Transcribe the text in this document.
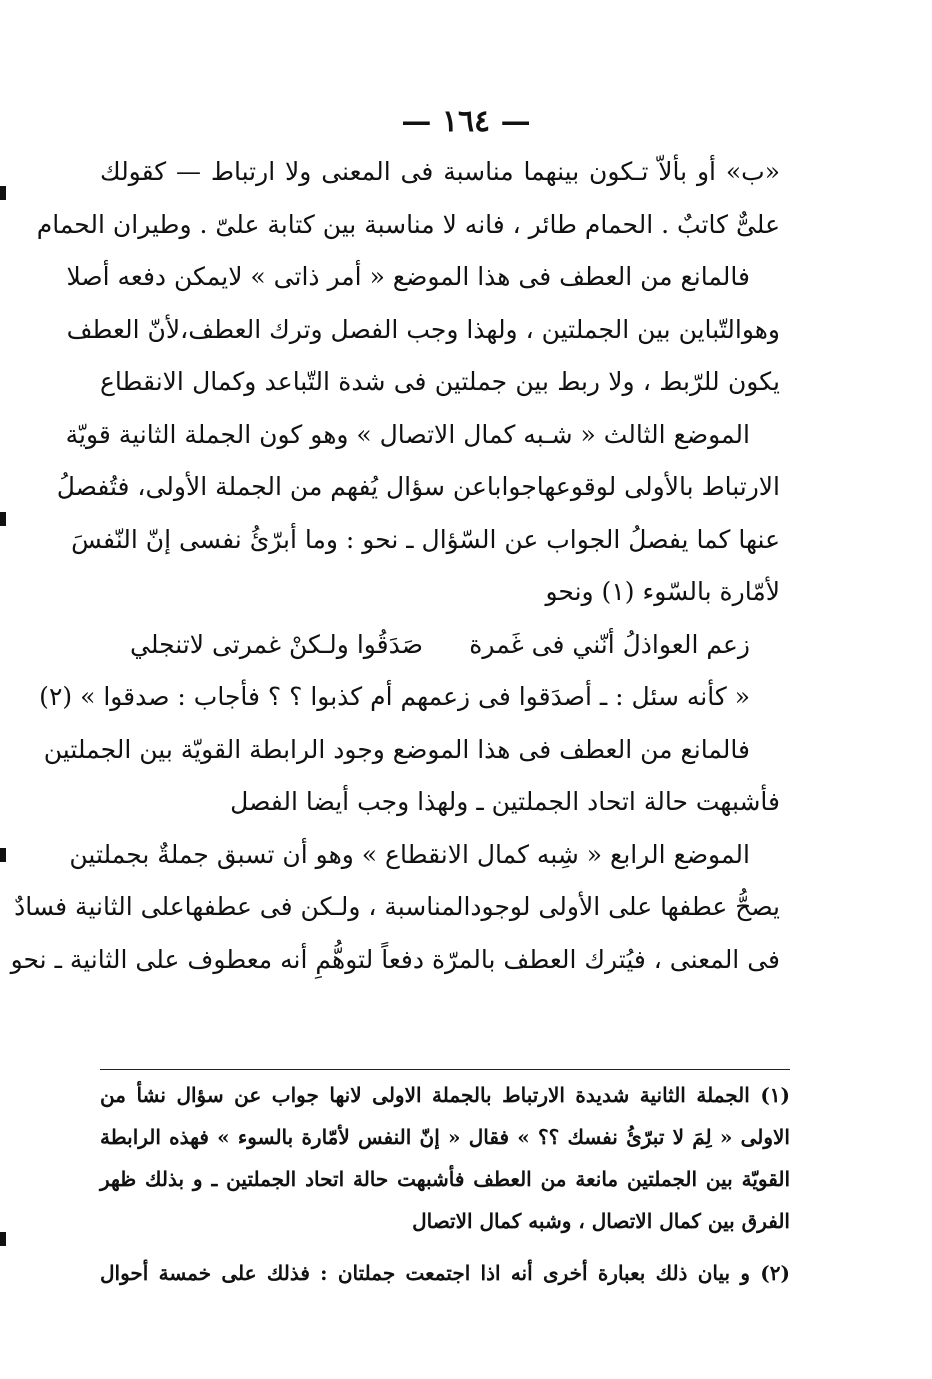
— ١٦٤ —
«ب» أو بألاّ تـكون بينهما مناسبة فى المعنى ولا ارتباط — كقولك
علىٌّ كاتبٌ . الحمام طائر ، فانه لا مناسبة بين كتابة علىّ . وطيران الحمام
فالمانع من العطف فى هذا الموضع « أمر ذاتى » لايمكن دفعه أصلا
وهوالتّباين بين الجملتين ، ولهذا وجب الفصل وترك العطف،لأنّ العطف
يكون للرّبط ، ولا ربط بين جملتين فى شدة التّباعد وكمال الانقطاع
الموضع الثالث « شـبه كمال الاتصال » وهو كون الجملة الثانية قويّة
الارتباط بالأولى لوقوعهاجواباعن سؤال يُفهم من الجملة الأولى، فتُفصلُ
عنها كما يفصلُ الجواب عن السّؤال ـ نحو : وما أبرّئُ نفسى إنّ النّفسَ
لأمّارة بالسّوء (١) ونحو
زعم العواذلُ أنّني فى غَمرة
صَدَقُوا ولـكنْ غمرتى لاتنجلي
« كأنه سئل : ـ أصدَقوا فى زعمهم أم كذبوا ؟ ؟ فأجاب : صدقوا » (٢)
فالمانع من العطف فى هذا الموضع وجود الرابطة القويّة بين الجملتين
فأشبهت حالة اتحاد الجملتين ـ ولهذا وجب أيضا الفصل
الموضع الرابع « شِبه كمال الانقطاع » وهو أن تسبق جملةٌ بجملتين
يصحُّ عطفها على الأولى لوجودالمناسبة ، ولـكن فى عطفهاعلى الثانية فسادٌ
فى المعنى ، فيُترك العطف بالمرّة دفعاً لتوهُّمِ أنه معطوف على الثانية ـ نحو
(١) الجملة الثانية شديدة الارتباط بالجملة الاولى لانها جواب عن سؤال نشأ من
الاولى « لِمَ لا تبرّئُ نفسك ؟؟ » فقال « إنّ النفس لأمّارة بالسوء » فهذه الرابطة
القويّة بين الجملتين مانعة من العطف فأشبهت حالة اتحاد الجملتين ـ و بذلك ظهر
الفرق بين كمال الاتصال ، وشبه كمال الاتصال
(٢) و بيان ذلك بعبارة أخرى أنه اذا اجتمعت جملتان : فذلك على خمسة أحوال
